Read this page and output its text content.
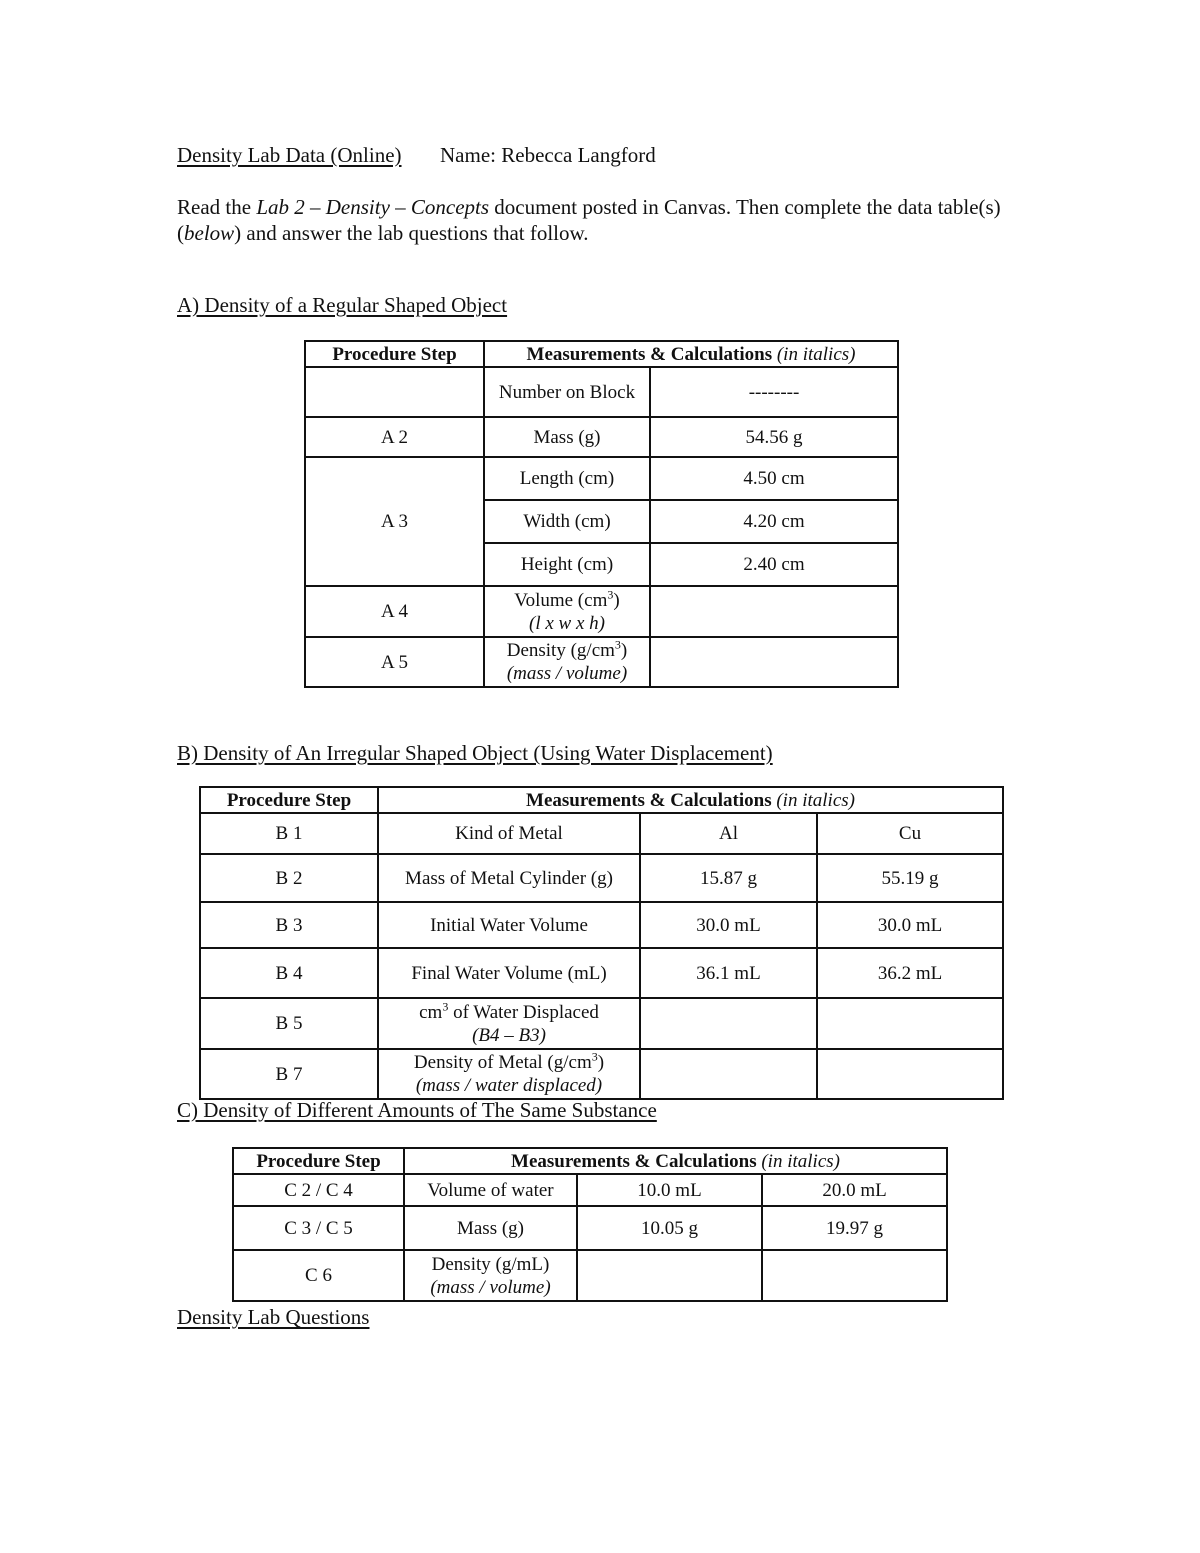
Density Lab Data (Online) Name: Rebecca Langford
Read the Lab 2 – Density – Concepts document posted in Canvas. Then complete the data table(s)
(below) and answer the lab questions that follow.
A) Density of a Regular Shaped Object
Procedure Step	Measurements & Calculations (in italics)	
	Number on Block	--------
A 2	Mass (g)	54.56 g
A 3	Length (cm)	4.50 cm
	Width (cm)	4.20 cm
	Height (cm)	2.40 cm
A 4	Volume $(cm^3)$
(l x w x h)	

A 5	Density $(g/cm^3)$
(mass / volume)	

B) Density of An Irregular Shaped Object (Using Water Displacement)
Procedure Step	Measurements & Calculations (in italics)		
B 1	Kind of Metal	Al	Cu
B 2	Mass of Metal Cylinder (g)	15.87 g	55.19 g
B 3	Initial Water Volume	30.0 mL	30.0 mL
B 4	Final Water Volume (mL)	36.1 mL	36.2 mL
B 5	$cm^3$ of Water Displaced
(B4 – B3)		

B 7	Density of Metal $(g/cm^3)$
(mass / water displaced)		

C) Density of Different Amounts of The Same Substance
Procedure Step	Measurements & Calculations (in italics)		
C 2 / C 4	Volume of water	10.0 mL	20.0 mL
C 3 / C 5	Mass (g)	10.05 g	19.97 g
C 6	Density (g/mL)
(mass / volume)		

Density Lab Questions
